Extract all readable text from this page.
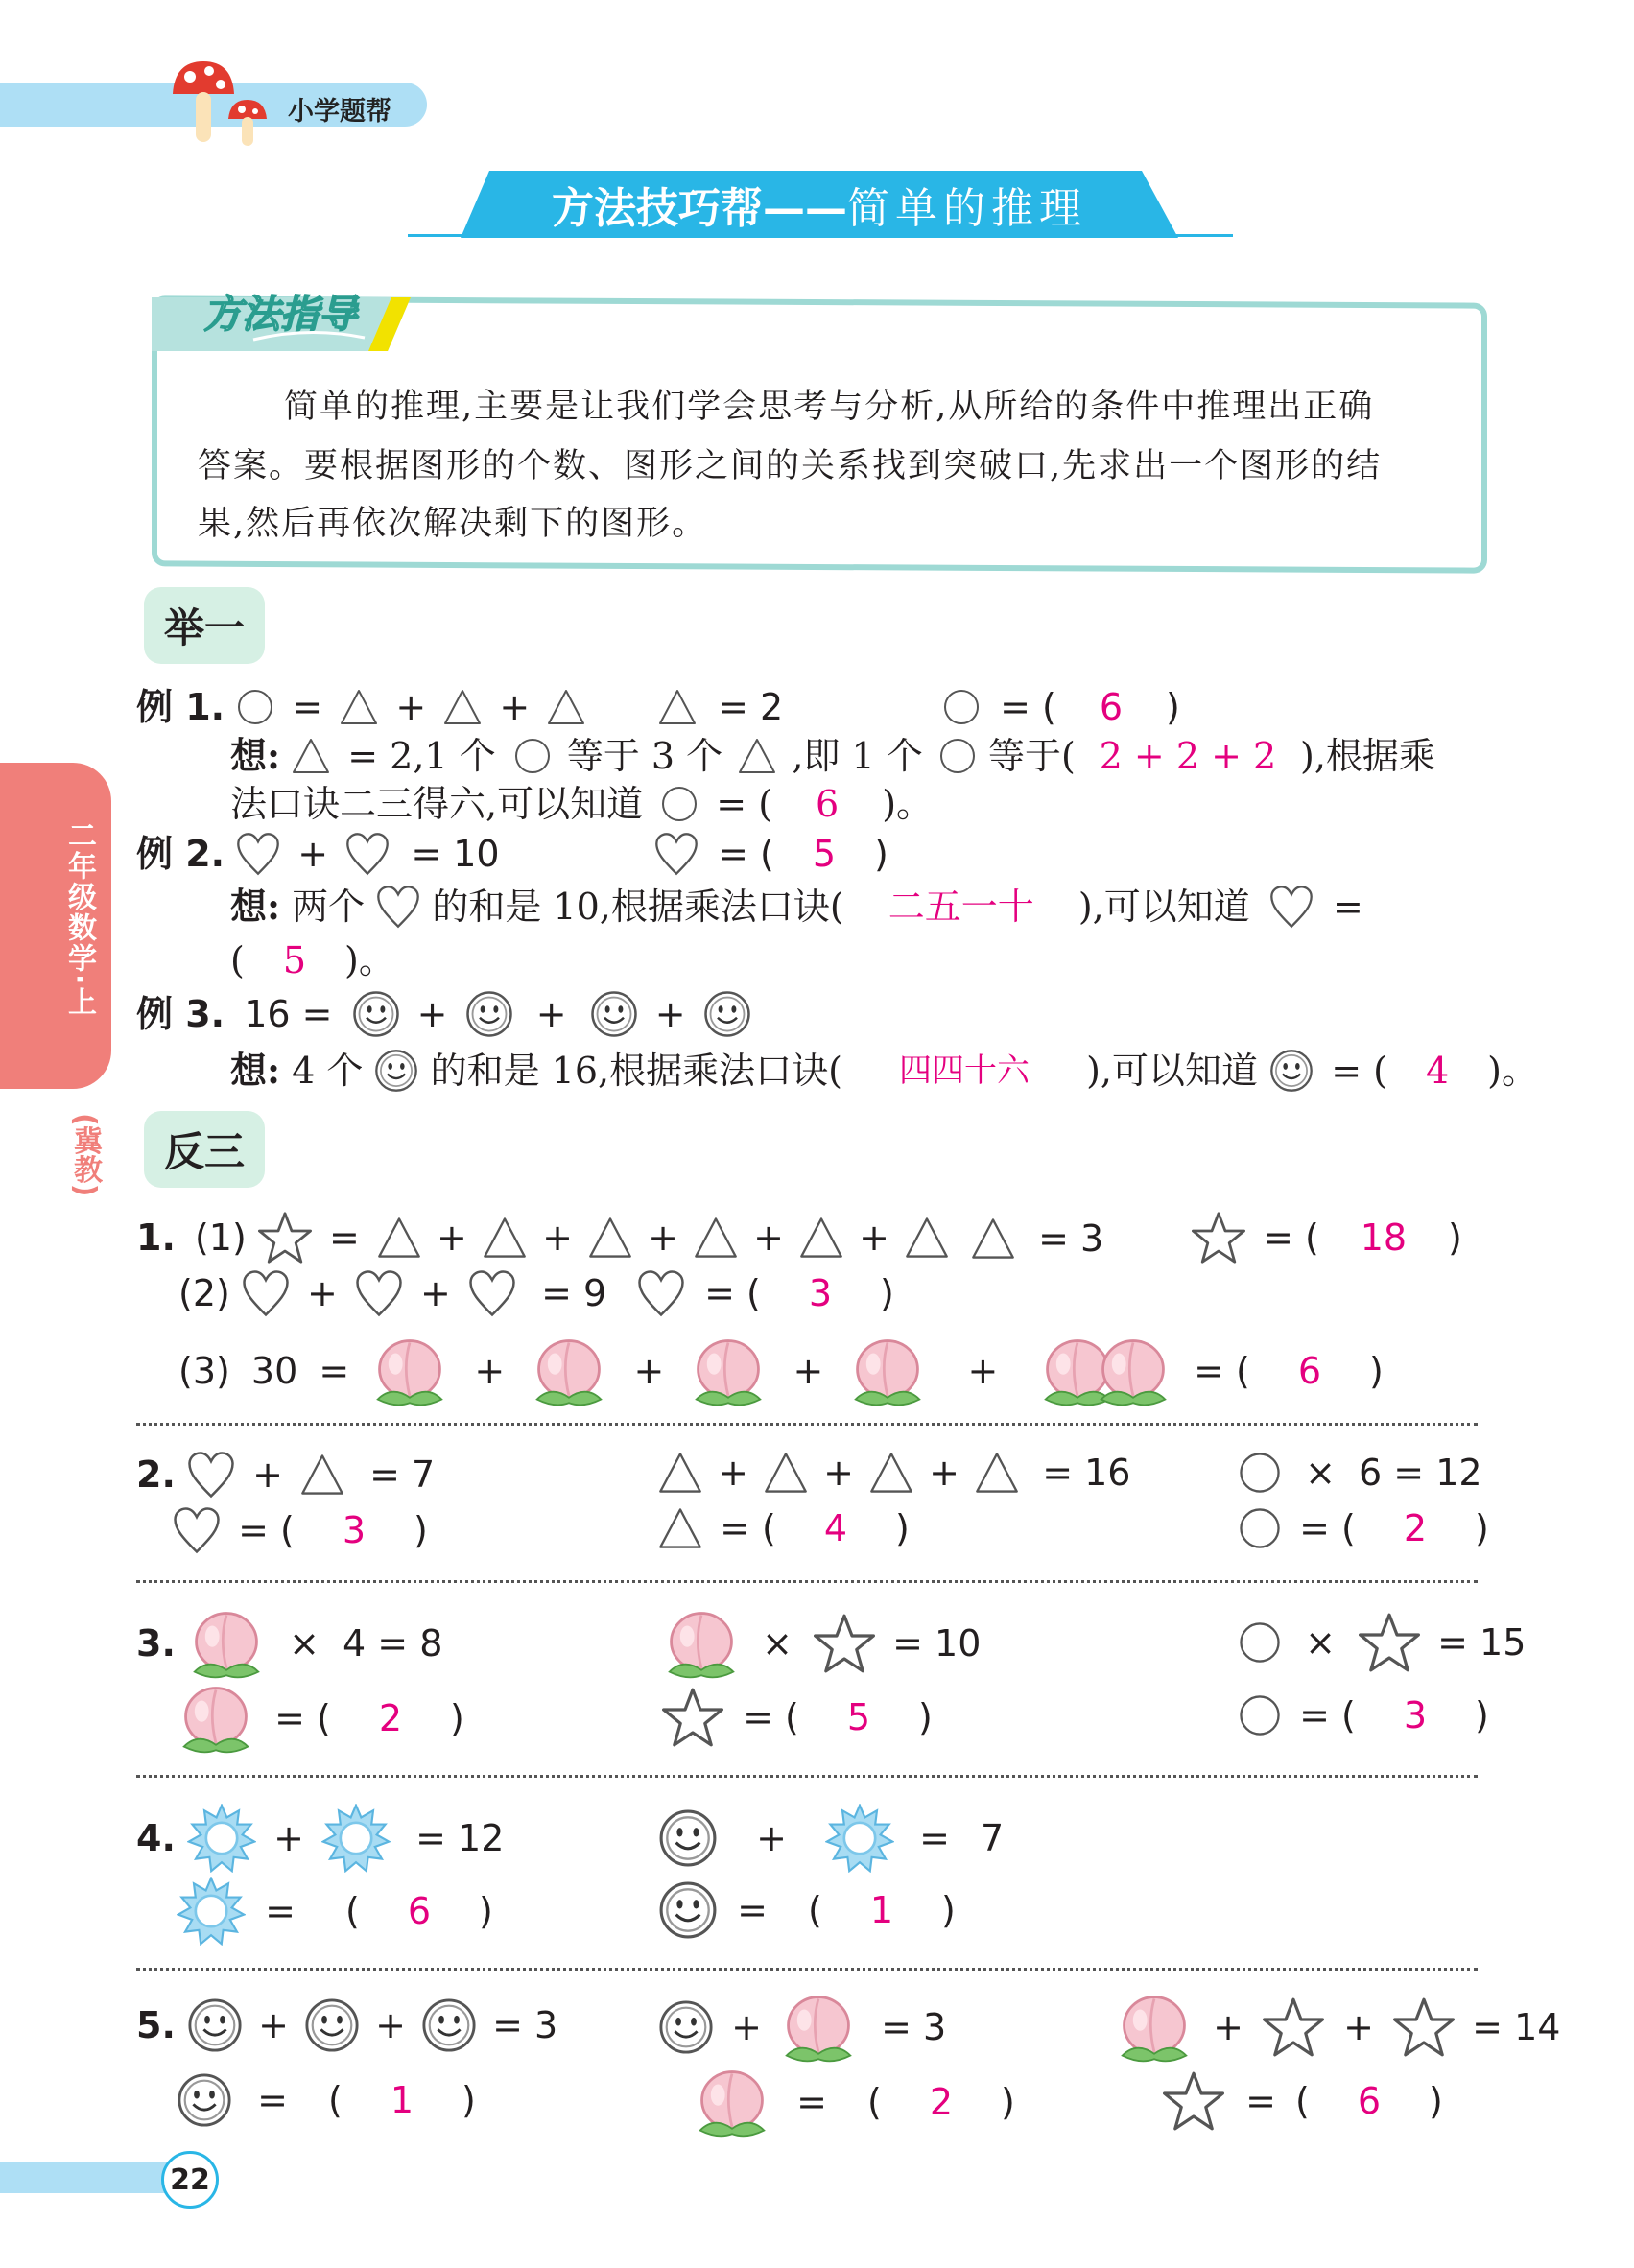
小学题帮
方法技巧帮—— 简单的推理
方法指导
简单的推理,主要是让我们学会思考与分析,从所给的条件中推理出正确
答案。要根据图形的个数、图形之间的关系找到突破口,先求出一个图形的结
果,然后再依次解决剩下的图形。
二年级数学·上
(冀教)
举一
例 1. = + +	= 2	= ( 6 )
想: = 2,1 个 等于 3 个 ,即 1 个 等于( 2 + 2 + 2 ),根据乘
法口诀二三得六,可以知道 = ( 6 )。
例 2. + = 10	= ( 5 )
想: 两个 的和是 10,根据乘法口诀( 二五一十 ),可以知道 =
( 5 )。
例 3. 16 = + + +
想: 4 个 的和是 16,根据乘法口诀( 四四十六 ),可以知道 = ( 4 )。
反三
1. (1) = + + + + +	= 3	= ( 18 )
(2) + + = 9	= ( 3 )
(3) 30 =	+	+	+	+	= ( 6 )
2. + = 7
= ( 3 )
+ + + = 16
= ( 4 )
× 6 = 12
= ( 2 )
3.	× 4 = 8
= ( 2 )
×	= 10
= ( 5 )
×	= 15
= ( 3 )
4.	+	= 12
= ( 6 )
+	= 7
= ( 1 )
5. + + = 3
= ( 1 )
+	= 3
= ( 2 )
+	+	= 14
= ( 6 )
22
